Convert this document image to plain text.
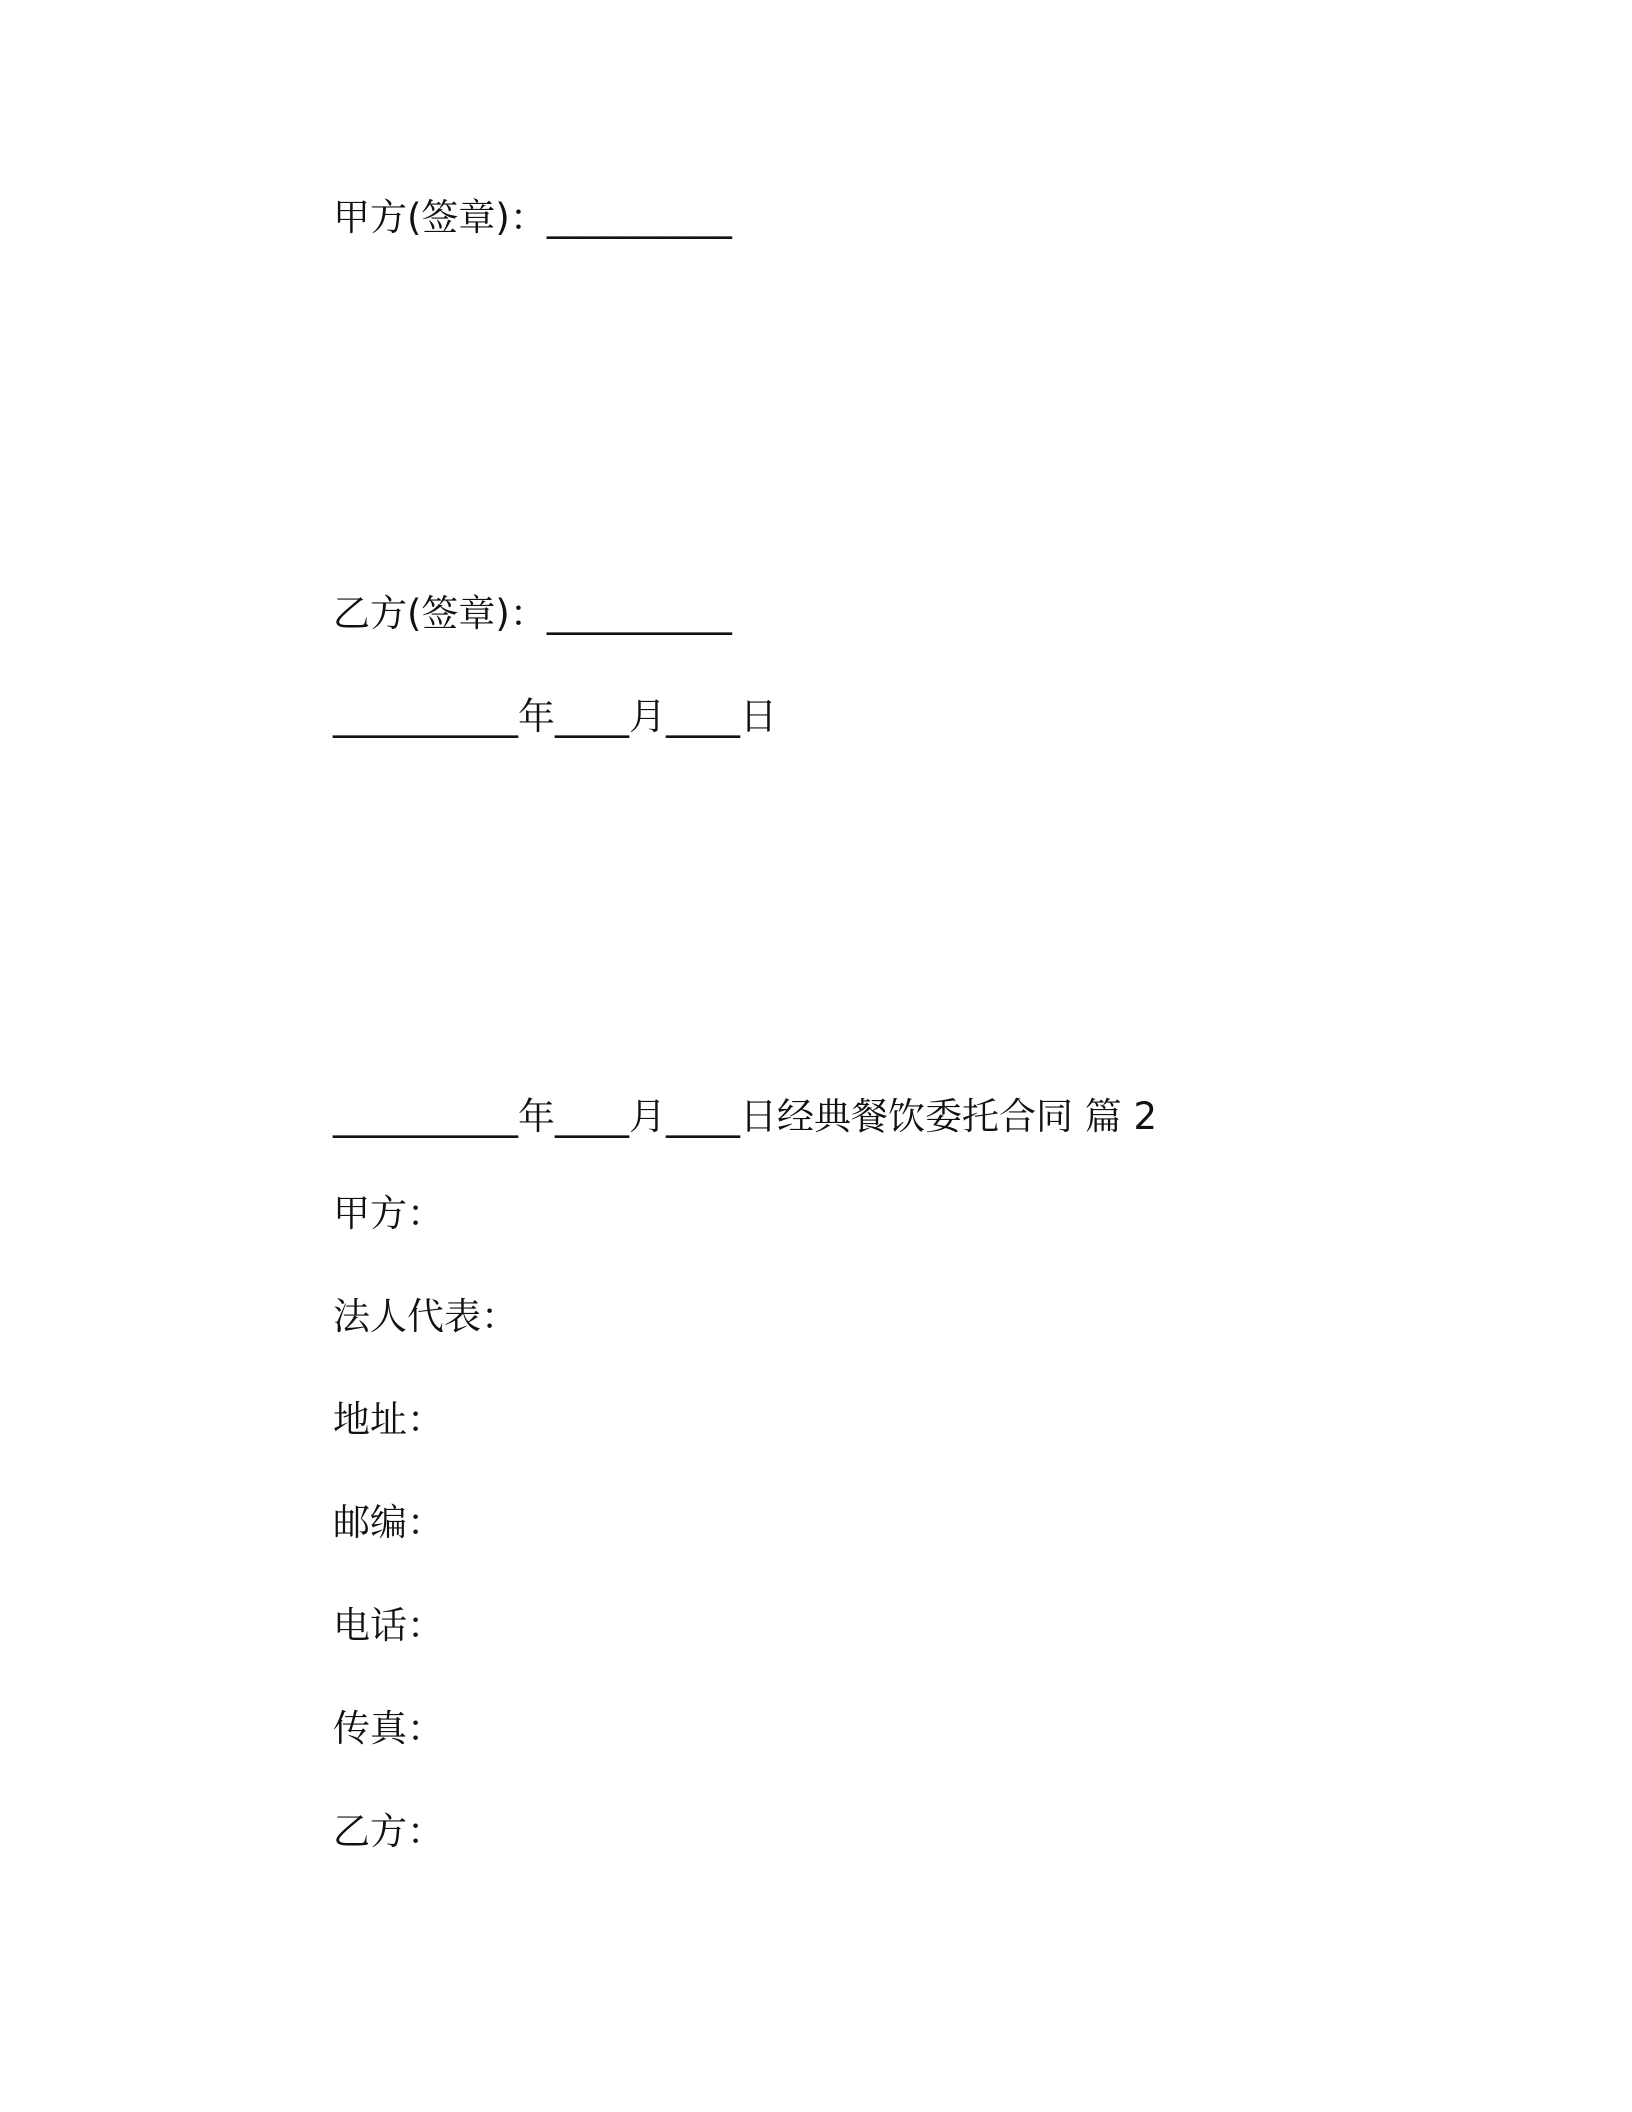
甲方(签章)：__________
乙方(签章)：__________
__________年____月____日
__________年____月____日经典餐饮委托合同 篇 2
甲方：
法人代表：
地址：
邮编：
电话：
传真：
乙方：
